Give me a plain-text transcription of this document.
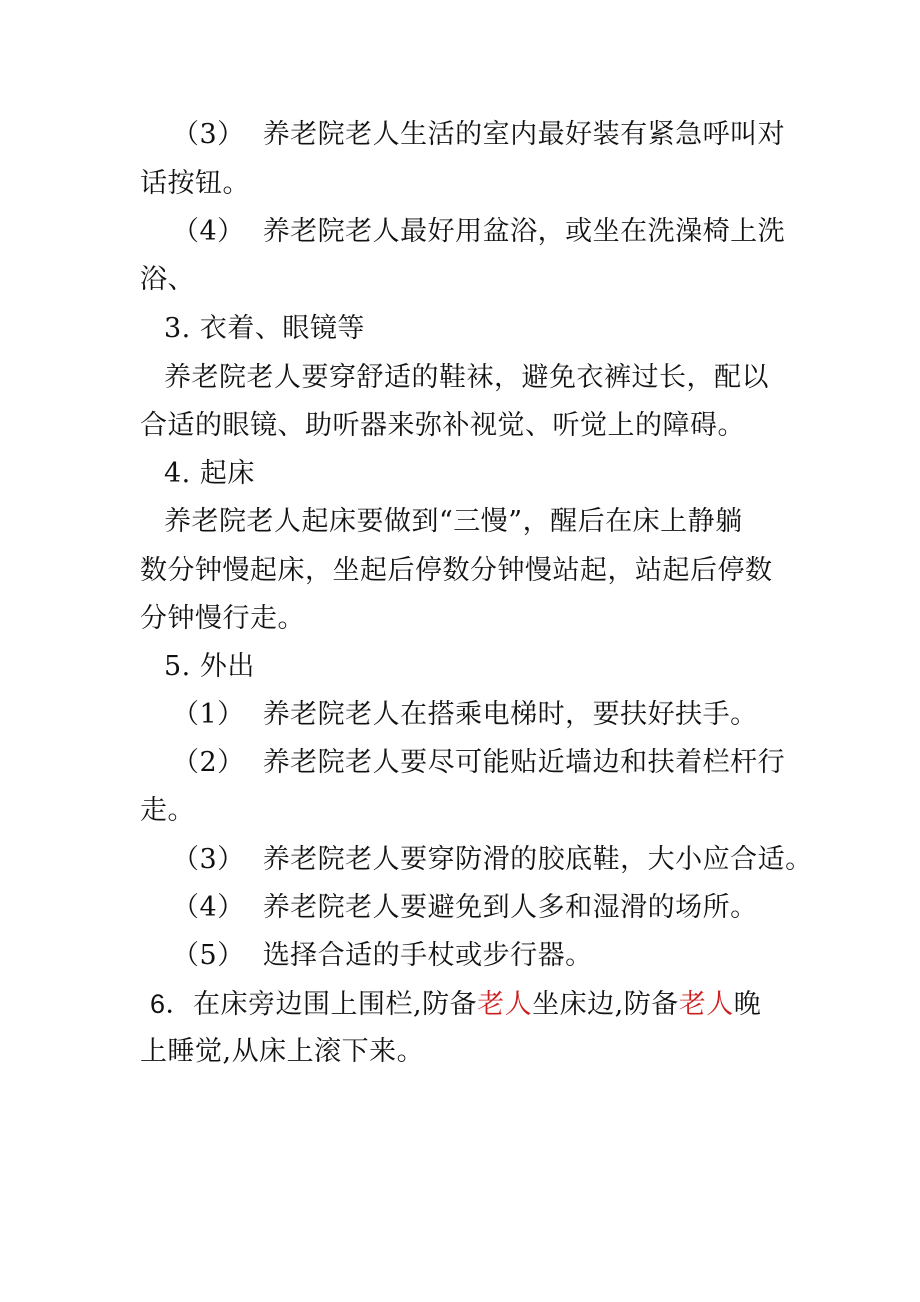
（3） 养老院老人生活的室内最好装有紧急呼叫对
话按钮。
（4） 养老院老人最好用盆浴，或坐在洗澡椅上洗
浴、
3. 衣着、眼镜等
养老院老人要穿舒适的鞋袜，避免衣裤过长，配以
合适的眼镜、助听器来弥补视觉、听觉上的障碍。
4. 起床
养老院老人起床要做到“三慢”，醒后在床上静躺
数分钟慢起床，坐起后停数分钟慢站起，站起后停数
分钟慢行走。
5. 外出
（1） 养老院老人在搭乘电梯时，要扶好扶手。
（2） 养老院老人要尽可能贴近墙边和扶着栏杆行
走。
（3） 养老院老人要穿防滑的胶底鞋，大小应合适。
（4） 养老院老人要避免到人多和湿滑的场所。
（5） 选择合适的手杖或步行器。
6．在床旁边围上围栏,防备老人坐床边,防备老人晚
上睡觉,从床上滚下来。
